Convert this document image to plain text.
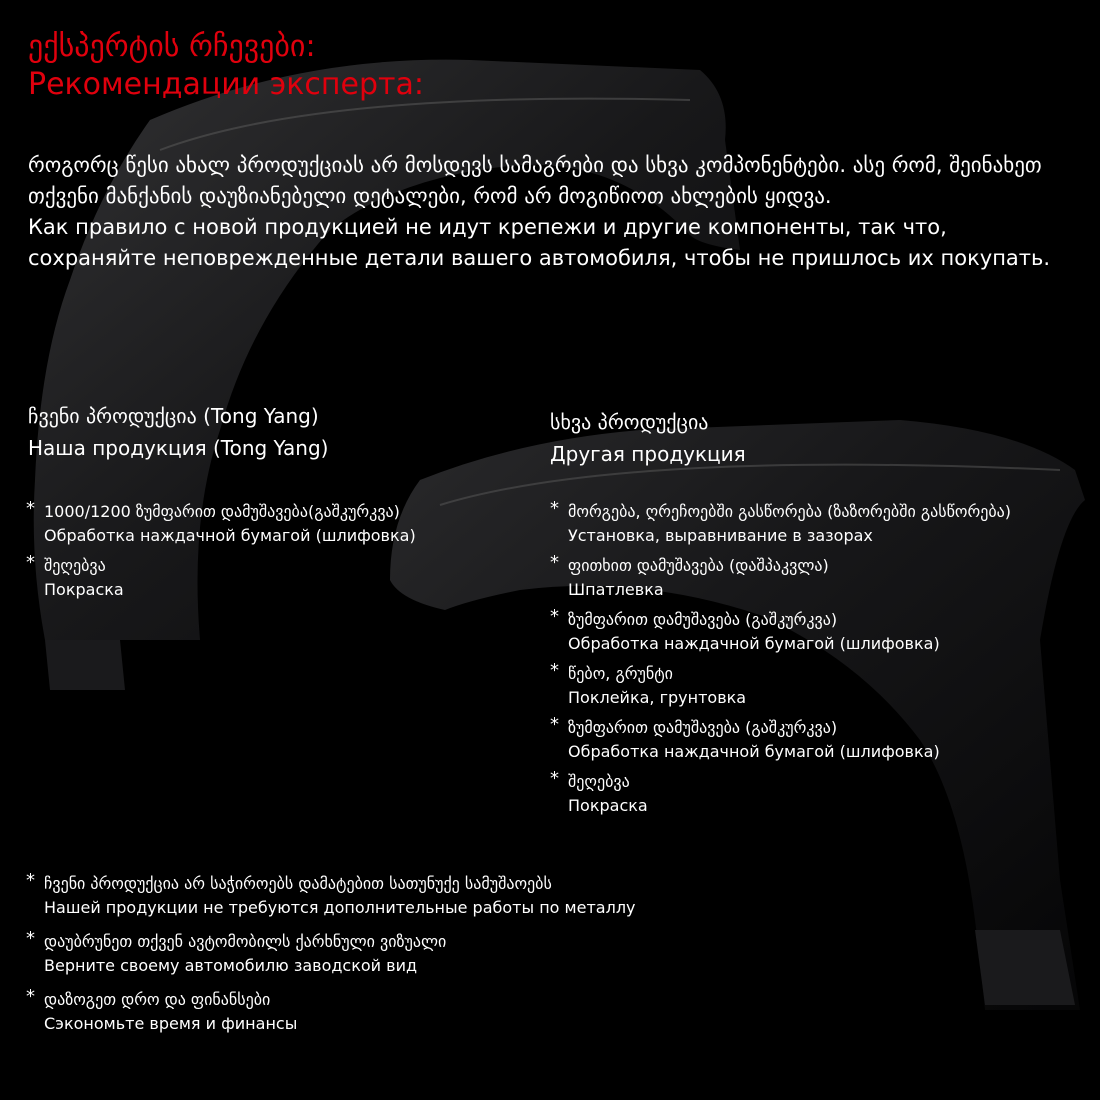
ექსპერტის რჩევები:
Рекомендации эксперта:

როგორც წესი ახალ პროდუქციას არ მოსდევს სამაგრები და სხვა კომპონენტები. ასე რომ, შეინახეთ თქვენი მანქანის დაუზიანებელი დეტალები, რომ არ მოგიწიოთ ახლების ყიდვა.

Как правило с новой продукцией не идут крепежи и другие компоненты, так что, сохраняйте неповрежденные детали вашего автомобиля, чтобы не пришлось их покупать.

ჩვენი პროდუქცია (Tong Yang)
Наша продукция (Tong Yang)
* 1000/1200 ზუმფარით დამუშავება(გაშკურკვა)
Обработка наждачной бумагой (шлифовка)
* შეღებვა
Покраска
სხვა პროდუქცია
Другая продукция
* მორგება, ღრეჩოებში გასწორება (ზაზორებში გასწორება)
Установка, выравнивание в зазорах
* ფითხით დამუშავება (დაშპაკვლა)
Шпатлевка
* ზუმფარით დამუშავება (გაშკურკვა)
Обработка наждачной бумагой (шлифовка)
* წებო, გრუნტი
Поклейка, грунтовка
* ზუმფარით დამუშავება (გაშკურკვა)
Обработка наждачной бумагой (шлифовка)
* შეღებვა
Покраска
* ჩვენი პროდუქცია არ საჭიროებს დამატებით სათუნუქე სამუშაოებს
Нашей продукции не требуются дополнительные работы по металлу
* დაუბრუნეთ თქვენ ავტომობილს ქარხნული ვიზუალი
Верните своему автомобилю заводской вид
* დაზოგეთ დრო და ფინანსები
Сэкономьте время и финансы
